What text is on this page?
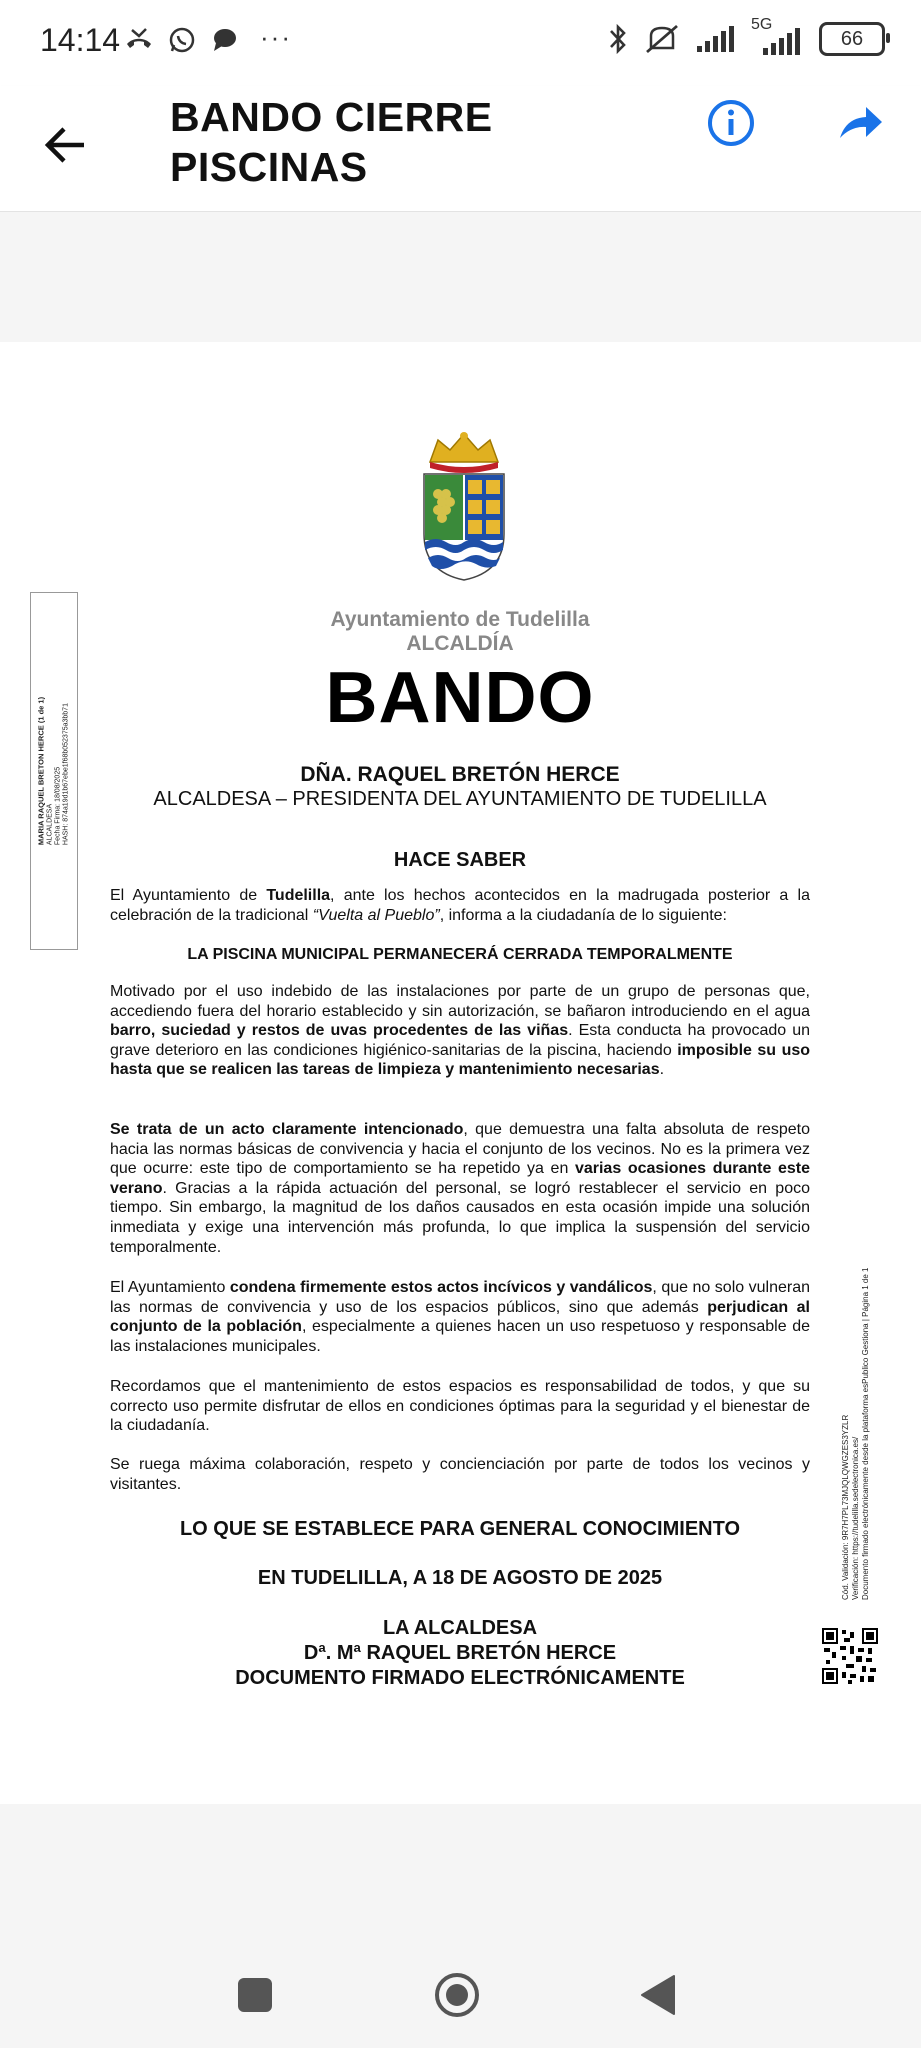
14:14	···	5G
66
BANDO CIERRE PISCINAS
MARIA RAQUEL BRETON HERCE (1 de 1)
ALCALDESA
Fecha Firma: 18/08/2025
HASH: 874a19d1b67ebe1f68b052375a3bb71
Ayuntamiento de Tudelilla
ALCALDÍA
BANDO
DÑA. RAQUEL BRETÓN HERCE
ALCALDESA – PRESIDENTA DEL AYUNTAMIENTO DE TUDELILLA
HACE SABER

El Ayuntamiento de Tudelilla, ante los hechos acontecidos en la madrugada posterior a la celebración de la tradicional “Vuelta al Pueblo”, informa a la ciudadanía de lo siguiente:

LA PISCINA MUNICIPAL PERMANECERÁ CERRADA TEMPORALMENTE

Motivado por el uso indebido de las instalaciones por parte de un grupo de personas que, accediendo fuera del horario establecido y sin autorización, se bañaron introduciendo en el agua barro, suciedad y restos de uvas procedentes de las viñas. Esta conducta ha provocado un grave deterioro en las condiciones higiénico-sanitarias de la piscina, haciendo imposible su uso hasta que se realicen las tareas de limpieza y mantenimiento necesarias.

Se trata de un acto claramente intencionado, que demuestra una falta absoluta de respeto hacia las normas básicas de convivencia y hacia el conjunto de los vecinos. No es la primera vez que ocurre: este tipo de comportamiento se ha repetido ya en varias ocasiones durante este verano. Gracias a la rápida actuación del personal, se logró restablecer el servicio en poco tiempo. Sin embargo, la magnitud de los daños causados en esta ocasión impide una solución inmediata y exige una intervención más profunda, lo que implica la suspensión del servicio temporalmente.

El Ayuntamiento condena firmemente estos actos incívicos y vandálicos, que no solo vulneran las normas de convivencia y uso de los espacios públicos, sino que además perjudican al conjunto de la población, especialmente a quienes hacen un uso respetuoso y responsable de las instalaciones municipales.

Recordamos que el mantenimiento de estos espacios es responsabilidad de todos, y que su correcto uso permite disfrutar de ellos en condiciones óptimas para la seguridad y el bienestar de la ciudadanía.

Se ruega máxima colaboración, respeto y concienciación por parte de todos los vecinos y visitantes.

LO QUE SE ESTABLECE PARA GENERAL CONOCIMIENTO
EN TUDELILLA, A 18 DE AGOSTO DE 2025
LA ALCALDESA
Dª. Mª RAQUEL BRETÓN HERCE
DOCUMENTO FIRMADO ELECTRÓNICAMENTE
Cód. Validación: 9R7H7PL73MJQLQWGZES3YZLR Verificación: https://tudelilla.sedelectronica.es/ Documento firmado electrónicamente desde la plataforma esPublico Gestiona | Página 1 de 1
